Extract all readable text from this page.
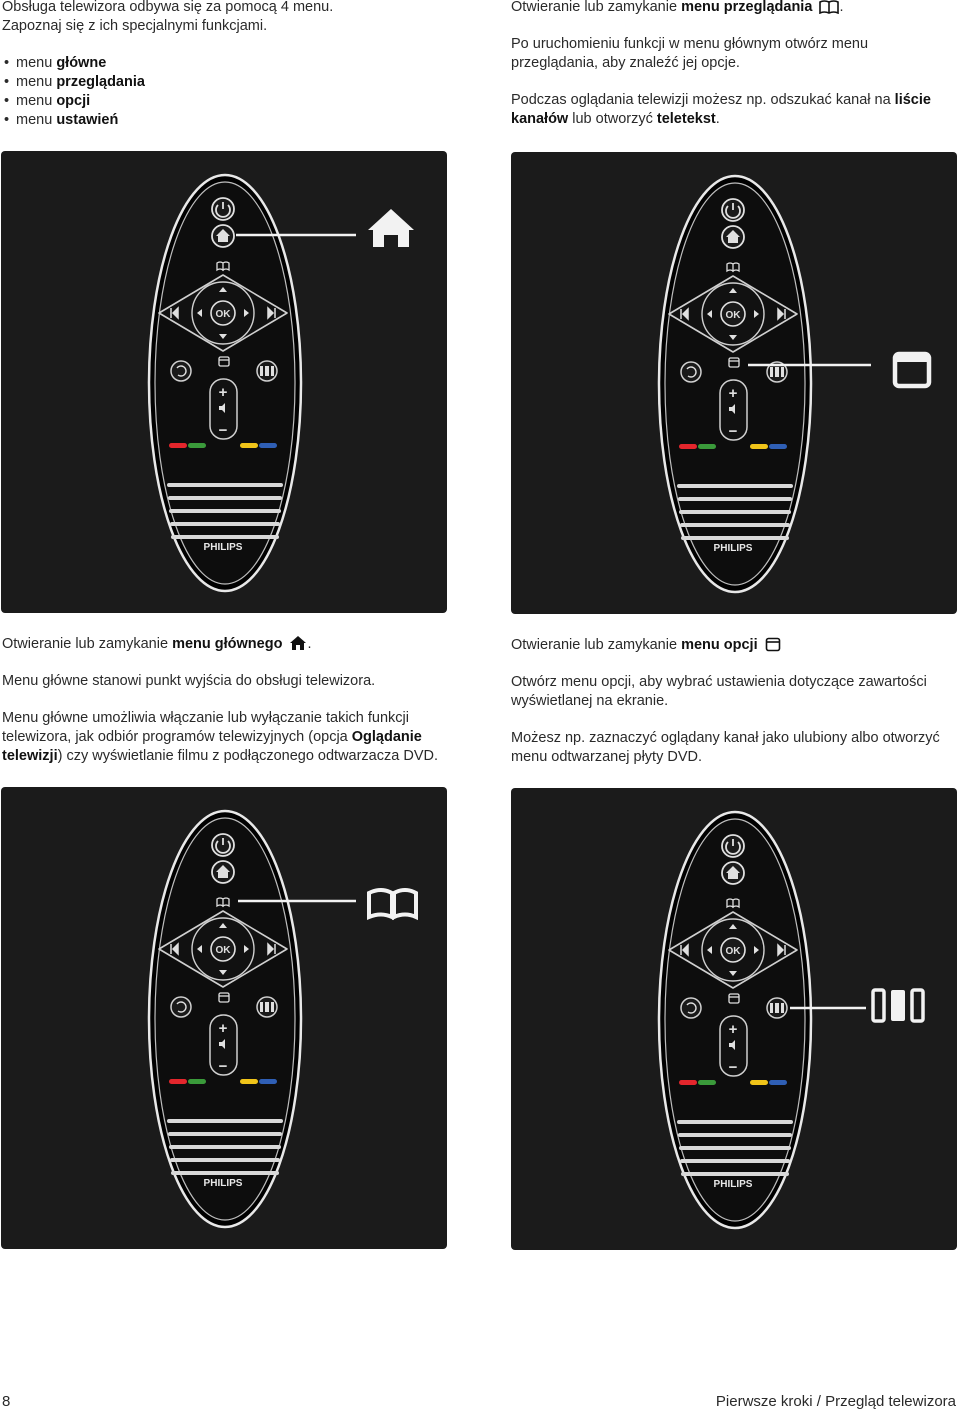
Obsługa telewizora odbywa się za pomocą 4 menu.

Zapoznaj się z ich specjalnymi funkcjami.

• menu główne
• menu przeglądania
• menu opcji
• menu ustawień

Otwieranie lub zamykanie menu przeglądania .

Po uruchomieniu funkcji w menu głównym otwórz menu przeglądania, aby znaleźć jej opcje.

Podczas oglądania telewizji możesz np. odszukać kanał na liście kanałów lub otworzyć teletekst.

OK
+
−
PHILIPS
OK
+
−
PHILIPS

Otwieranie lub zamykanie menu głównego .

Menu główne stanowi punkt wyjścia do obsługi telewizora.

Menu główne umożliwia włączanie lub wyłączanie takich funkcji telewizora, jak odbiór programów telewizyjnych (opcja Oglądanie telewizji) czy wyświetlanie filmu z podłączonego odtwarzacza DVD.

Otwieranie lub zamykanie menu opcji

Otwórz menu opcji, aby wybrać ustawienia dotyczące zawartości wyświetlanej na ekranie.

Możesz np. zaznaczyć oglądany kanał jako ulubiony albo otworzyć menu odtwarzanej płyty DVD.

OK
+
−
PHILIPS
OK
+
−
PHILIPS
8	Pierwsze kroki / Przegląd telewizora
